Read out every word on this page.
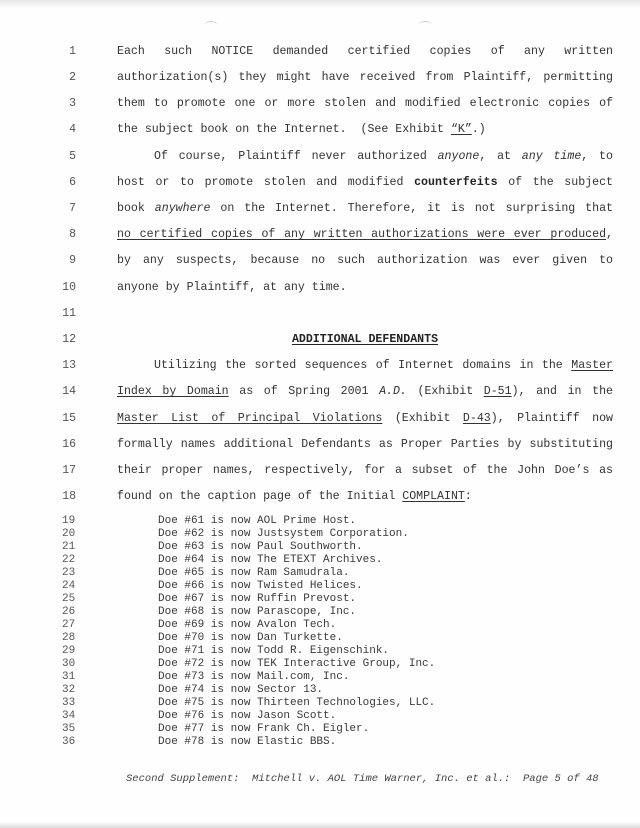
1
2
3
4
5
6
7
8
9
10
11
12
13
14
15
16
17
18
Each such NOTICE demanded certified copies of any written
authorization(s) they might have received from Plaintiff, permitting
them to promote one or more stolen and modified electronic copies of
the subject book on the Internet.  (See Exhibit “K”.)
Of course, Plaintiff never authorized anyone, at any time, to
host or to promote stolen and modified counterfeits of the subject
book anywhere on the Internet. Therefore, it is not surprising that
no certified copies of any written authorizations were ever produced,
by any suspects, because no such authorization was ever given to
anyone by Plaintiff, at any time.
ADDITIONAL DEFENDANTS
Utilizing the sorted sequences of Internet domains in the Master
Index by Domain as of Spring 2001 A.D. (Exhibit D-51), and in the
Master List of Principal Violations (Exhibit D-43), Plaintiff now
formally names additional Defendants as Proper Parties by substituting
their proper names, respectively, for a subset of the John Doe’s as
found on the caption page of the Initial COMPLAINT:
19	Doe #61 is now AOL Prime Host.
20	Doe #62 is now Justsystem Corporation.
21	Doe #63 is now Paul Southworth.
22	Doe #64 is now The ETEXT Archives.
23	Doe #65 is now Ram Samudrala.
24	Doe #66 is now Twisted Helices.
25	Doe #67 is now Ruffin Prevost.
26	Doe #68 is now Parascope, Inc.
27	Doe #69 is now Avalon Tech.
28	Doe #70 is now Dan Turkette.
29	Doe #71 is now Todd R. Eigenschink.
30	Doe #72 is now TEK Interactive Group, Inc.
31	Doe #73 is now Mail.com, Inc.
32	Doe #74 is now Sector 13.
33	Doe #75 is now Thirteen Technologies, LLC.
34	Doe #76 is now Jason Scott.
35	Doe #77 is now Frank Ch. Eigler.
36	Doe #78 is now Elastic BBS.
Second Supplement:  Mitchell v. AOL Time Warner, Inc. et al.:  Page 5 of 48
